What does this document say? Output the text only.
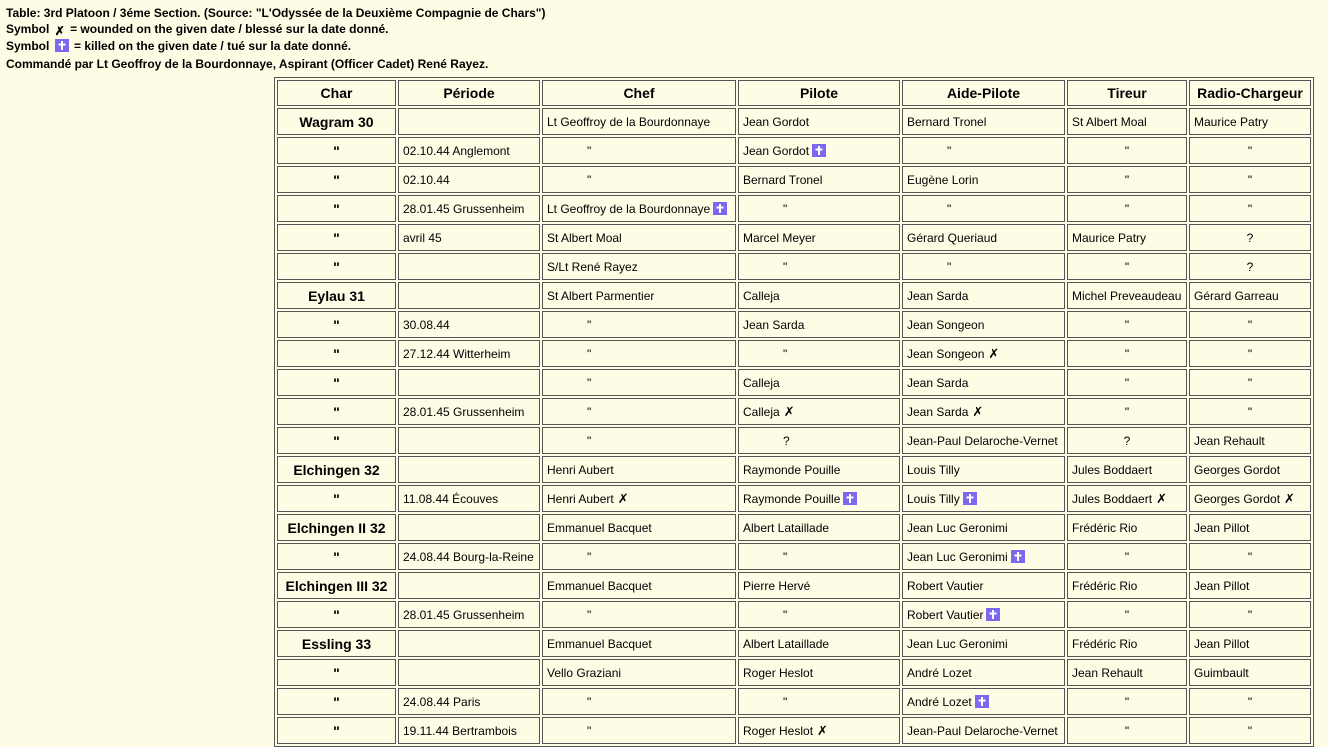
Table: 3rd Platoon / 3éme Section. (Source: "L'Odyssée de la Deuxième Compagnie de Chars")
Symbol ✗ = wounded on the given date / blessé sur la date donné.
Symbol = killed on the given date / tué sur la date donné.
Commandé par Lt Geoffroy de la Bourdonnaye, Aspirant (Officer Cadet) René Rayez.
Char	Période	Chef	Pilote	Aide-Pilote	Tireur	Radio-Chargeur
Wagram 30		Lt Geoffroy de la Bourdonnaye	Jean Gordot	Bernard Tronel	St Albert Moal	Maurice Patry
"	02.10.44 Anglemont	"	Jean Gordot	"	"	"
"	02.10.44	"	Bernard Tronel	Eugène Lorin	"	"
"	28.01.45 Grussenheim	Lt Geoffroy de la Bourdonnaye	"	"	"	"
"	avril 45	St Albert Moal	Marcel Meyer	Gérard Queriaud	Maurice Patry	?
"		S/Lt René Rayez	"	"	"	?
Eylau 31		St Albert Parmentier	Calleja	Jean Sarda	Michel Preveaudeau	Gérard Garreau
"	30.08.44	"	Jean Sarda	Jean Songeon	"	"
"	27.12.44 Witterheim	"	"	Jean Songeon ✗	"	"
"		"	Calleja	Jean Sarda	"	"
"	28.01.45 Grussenheim	"	Calleja ✗	Jean Sarda ✗	"	"
"		"	?	Jean-Paul Delaroche-Vernet	?	Jean Rehault
Elchingen 32		Henri Aubert	Raymonde Pouille	Louis Tilly	Jules Boddaert	Georges Gordot
"	11.08.44 Écouves	Henri Aubert ✗	Raymonde Pouille	Louis Tilly	Jules Boddaert ✗	Georges Gordot ✗
Elchingen II 32		Emmanuel Bacquet	Albert Lataillade	Jean Luc Geronimi	Frédéric Rio	Jean Pillot
"	24.08.44 Bourg-la-Reine	"	"	Jean Luc Geronimi	"	"
Elchingen III 32		Emmanuel Bacquet	Pierre Hervé	Robert Vautier	Frédéric Rio	Jean Pillot
"	28.01.45 Grussenheim	"	"	Robert Vautier	"	"
Essling 33		Emmanuel Bacquet	Albert Lataillade	Jean Luc Geronimi	Frédéric Rio	Jean Pillot
"		Vello Graziani	Roger Heslot	André Lozet	Jean Rehault	Guimbault
"	24.08.44 Paris	"	"	André Lozet	"	"
"	19.11.44 Bertrambois	"	Roger Heslot ✗	Jean-Paul Delaroche-Vernet	"	"
